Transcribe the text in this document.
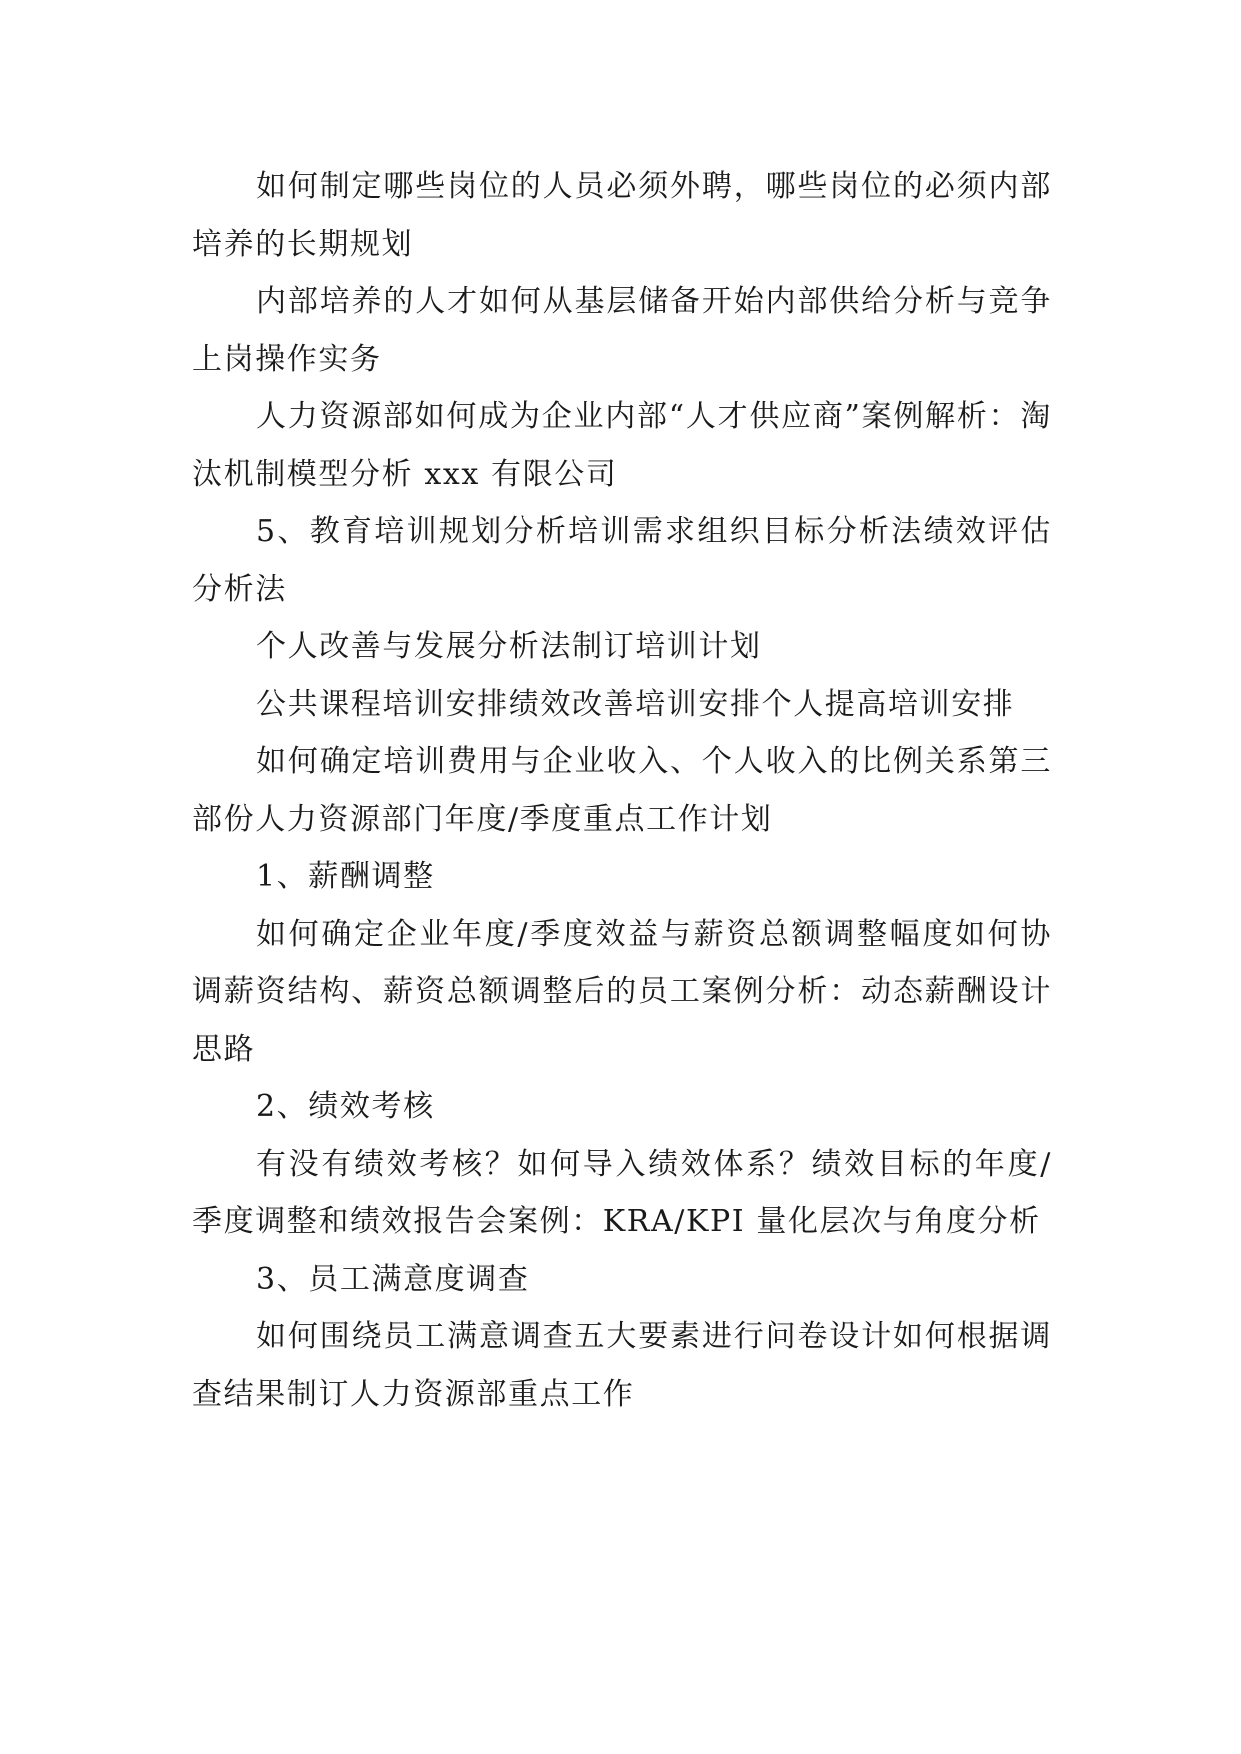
如何制定哪些岗位的人员必须外聘，哪些岗位的必须内部培养的长期规划

内部培养的人才如何从基层储备开始内部供给分析与竞争上岗操作实务

人力资源部如何成为企业内部“人才供应商”案例解析：淘汰机制模型分析 xxx 有限公司

5、教育培训规划分析培训需求组织目标分析法绩效评估分析法

个人改善与发展分析法制订培训计划

公共课程培训安排绩效改善培训安排个人提高培训安排

如何确定培训费用与企业收入、个人收入的比例关系第三部份人力资源部门年度/季度重点工作计划

1、薪酬调整

如何确定企业年度/季度效益与薪资总额调整幅度如何协调薪资结构、薪资总额调整后的员工案例分析：动态薪酬设计思路

2、绩效考核

有没有绩效考核？如何导入绩效体系？绩效目标的年度/季度调整和绩效报告会案例：KRA/KPI 量化层次与角度分析

3、员工满意度调查

如何围绕员工满意调查五大要素进行问卷设计如何根据调查结果制订人力资源部重点工作
